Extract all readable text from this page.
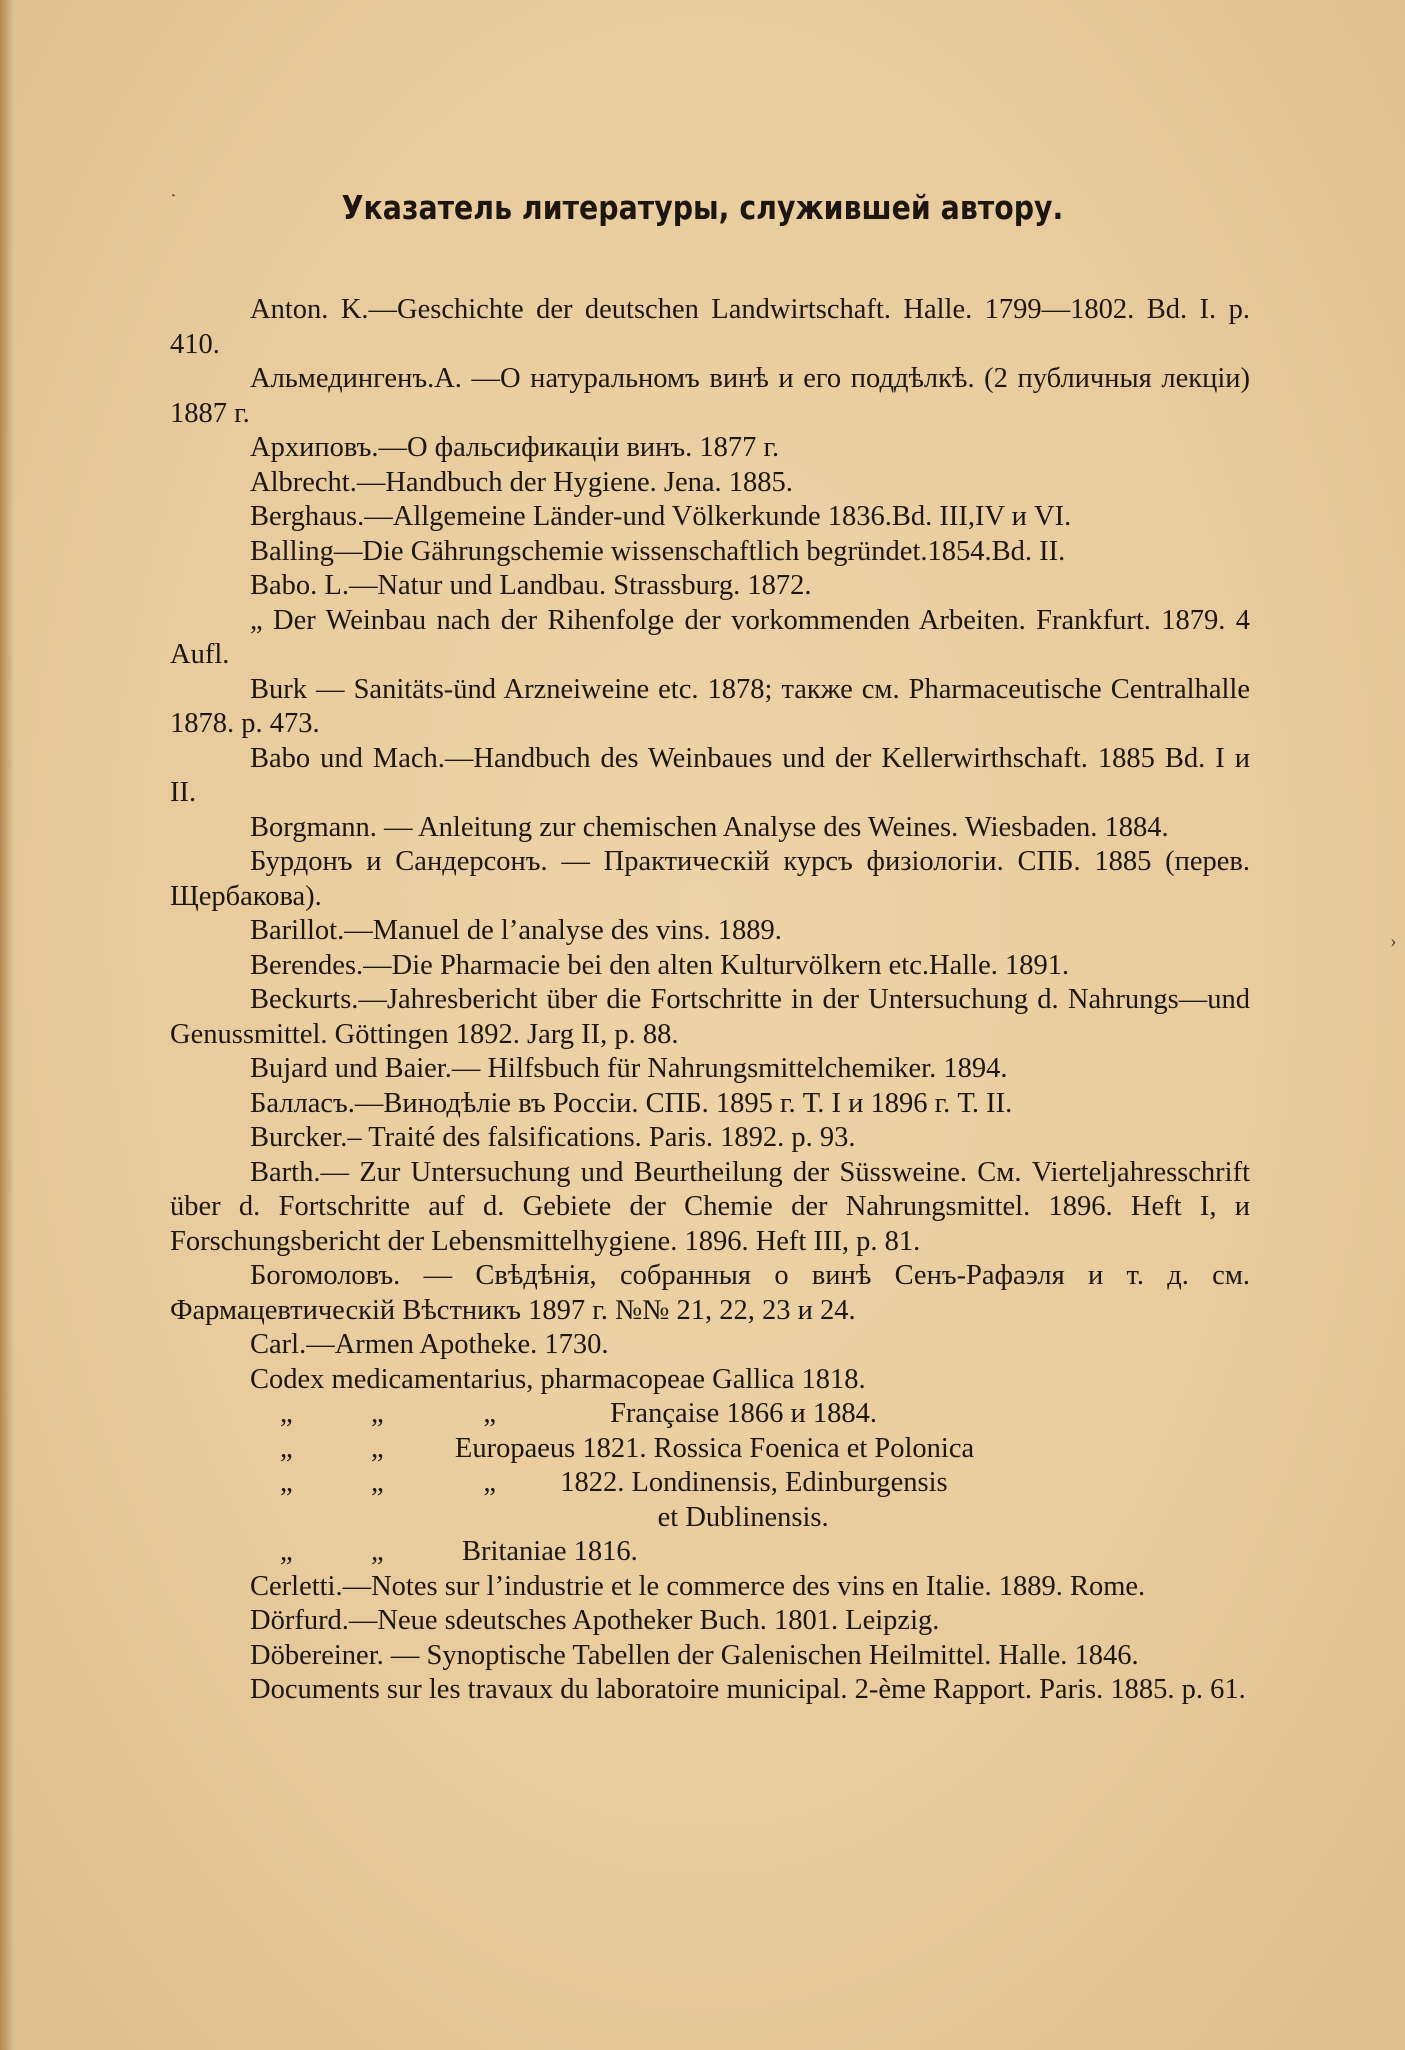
·
›
Указатель литературы, служившей автору.

Anton. K.—Geschichte der deutschen Landwirtschaft. Halle. 1799—1802. Bd. I. p. 410.

Альмедингенъ.А. —О натуральномъ винѣ и его поддѣлкѣ. (2 публичныя лекціи) 1887 г.

Архиповъ.—О фальсификаціи винъ. 1877 г.

Albrecht.—Handbuch der Hygiene. Jena. 1885.

Berghaus.—Allgemeine Länder-und Völkerkunde 1836.Bd. III,IV и VI.

Balling—Die Gährungschemie wissenschaftlich begründet.1854.Bd. II.

Babo. L.—Natur und Landbau. Strassburg. 1872.

„ Der Weinbau nach der Rihenfolge der vorkommenden Arbeiten. Frankfurt. 1879. 4 Aufl.

Burk — Sanitäts-ünd Arzneiweine etc. 1878; также см. Pharmaceutische Centralhalle 1878. p. 473.

Babo und Mach.—Handbuch des Weinbaues und der Kellerwirthschaft. 1885 Bd. I и II.

Borgmann. — Anleitung zur chemischen Analyse des Weines. Wiesbaden. 1884.

Бурдонъ и Сандерсонъ. — Практическій курсъ физіологіи. СПБ. 1885 (перев. Щербакова).

Barillot.—Manuel de l’analyse des vins. 1889.

Berendes.—Die Pharmacie bei den alten Kulturvölkern etc.Halle. 1891.

Beckurts.—Jahresbericht über die Fortschritte in der Untersuchung d. Nahrungs—und Genussmittel. Göttingen 1892. Jarg II, p. 88.

Bujard und Baier.— Hilfsbuch für Nahrungsmittelchemiker. 1894.

Балласъ.—Винодѣліе въ Россіи. СПБ. 1895 г. Т. I и 1896 г. Т. II.

Burcker.– Traité des falsifications. Paris. 1892. p. 93.

Barth.— Zur Untersuchung und Beurtheilung der Süssweine. См. Vierteljahresschrift über d. Fortschritte auf d. Gebiete der Chemie der Nahrungsmittel. 1896. Heft I, и Forschungsbericht der Lebensmittelhygiene. 1896. Heft III, p. 81.

Богомоловъ. — Свѣдѣнія, собранныя о винѣ Сенъ-Рафаэля и т. д. см. Фармацевтическій Вѣстникъ 1897 г. №№ 21, 22, 23 и 24.

Carl.—Armen Apotheke. 1730.

Codex medicamentarius, pharmacopeae Gallica 1818.

„           „              „                Française 1866 и 1884.

„           „          Europaeus 1821. Rossica Foenica et Polonica

„           „              „         1822. Londinensis, Edinburgensis

et Dublinensis.

„           „           Britaniae 1816.

Cerletti.—Notes sur l’industrie et le commerce des vins en Italie. 1889. Rome.

Dörfurd.—Neue sdeutsches Apotheker Buch. 1801. Leipzig.

Döbereiner. — Synoptische Tabellen der Galenischen Heilmittel. Halle. 1846.

Documents sur les travaux du laboratoire municipal. 2-ème Rapport. Paris. 1885. p. 61.
